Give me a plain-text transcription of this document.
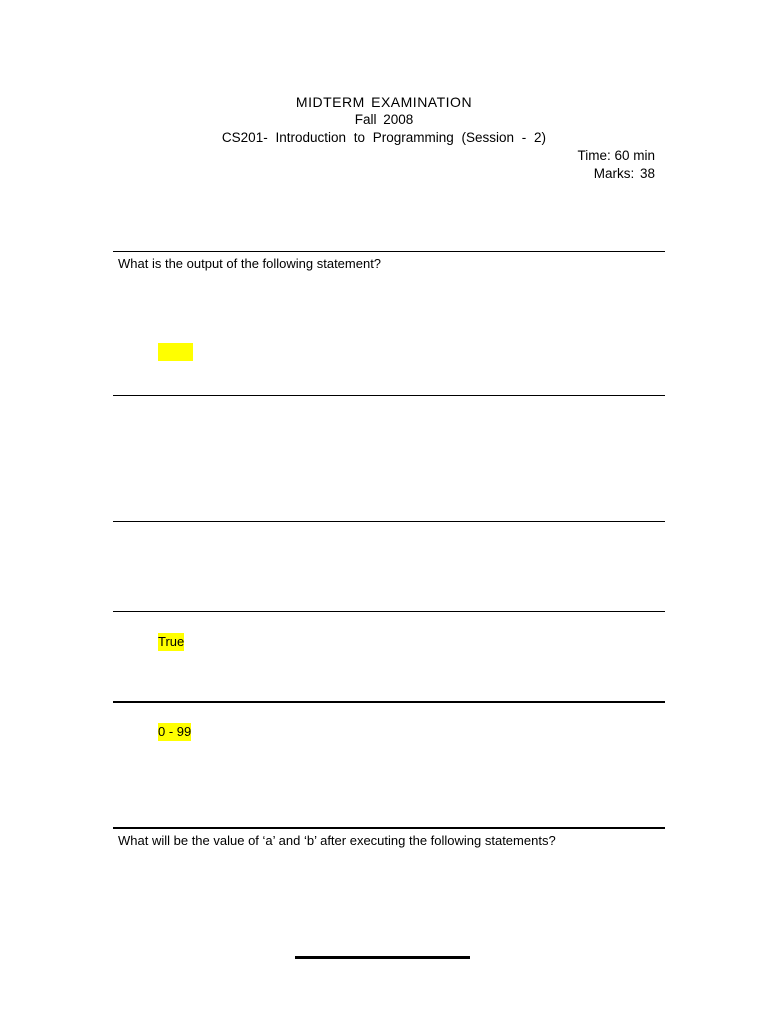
MIDTERM EXAMINATION
Fall 2008
CS201- Introduction to Programming (Session - 2)
Time: 60 min
Marks: 38
What is the output of the following statement?
True
0 - 99
What will be the value of ‘a’ and ‘b’ after executing the following statements?
